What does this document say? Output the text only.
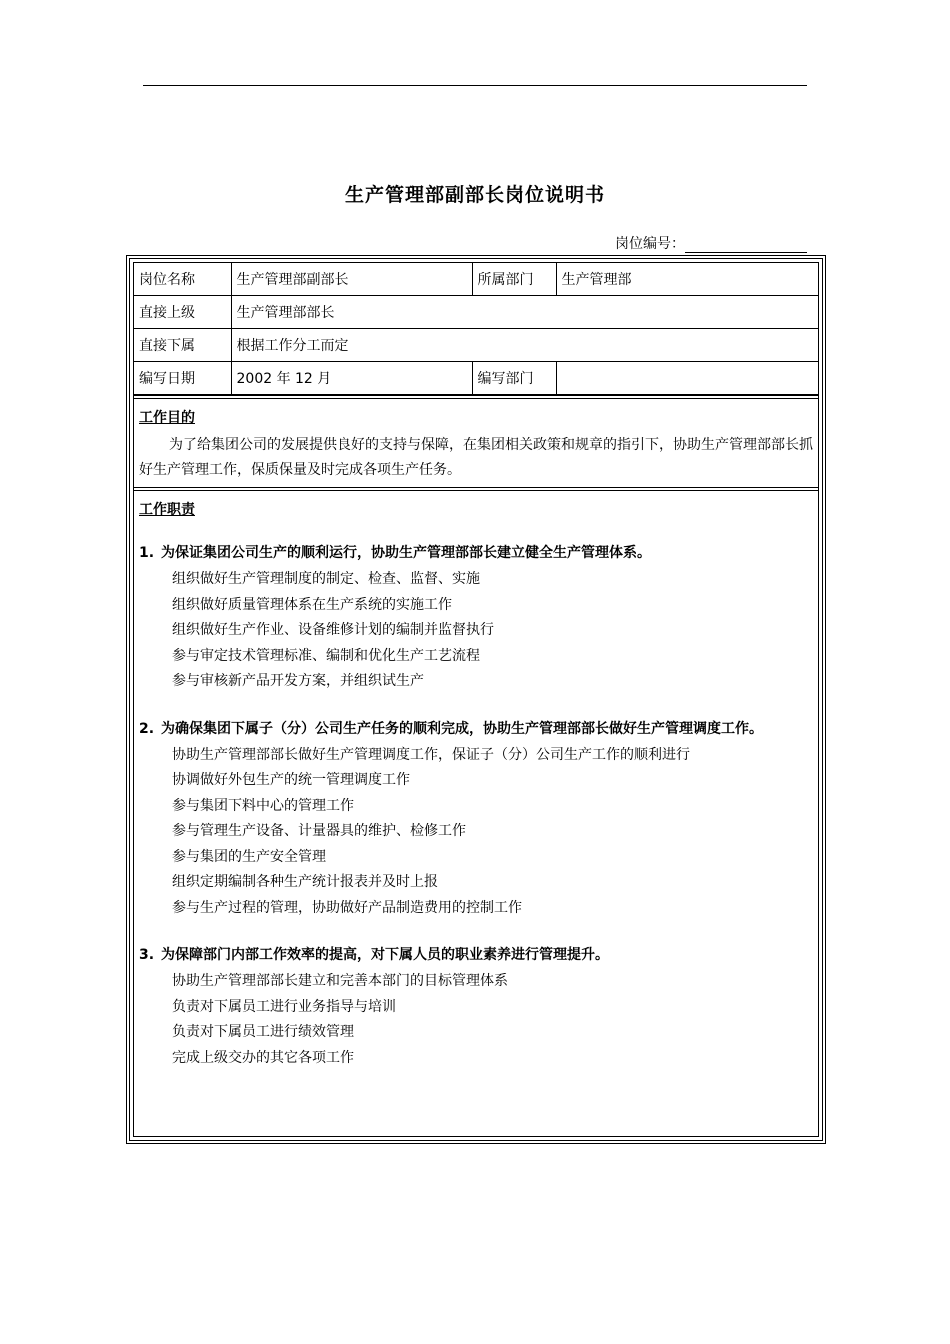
生产管理部副部长岗位说明书
岗位编号：
岗位名称	生产管理部副部长	所属部门	生产管理部
直接上级	生产管理部部长		
直接下属	根据工作分工而定		
编写日期	2002 年 12 月	编写部门	
工作目的

为了给集团公司的发展提供良好的支持与保障，在集团相关政策和规章的指引下，协助生产管理部部长抓好生产管理工作，保质保量及时完成各项生产任务。

工作职责
1. 为保证集团公司生产的顺利运行，协助生产管理部部长建立健全生产管理体系。
组织做好生产管理制度的制定、检查、监督、实施
组织做好质量管理体系在生产系统的实施工作
组织做好生产作业、设备维修计划的编制并监督执行
参与审定技术管理标准、编制和优化生产工艺流程
参与审核新产品开发方案，并组织试生产
2. 为确保集团下属子（分）公司生产任务的顺利完成，协助生产管理部部长做好生产管理调度工作。
协助生产管理部部长做好生产管理调度工作，保证子（分）公司生产工作的顺利进行
协调做好外包生产的统一管理调度工作
参与集团下料中心的管理工作
参与管理生产设备、计量器具的维护、检修工作
参与集团的生产安全管理
组织定期编制各种生产统计报表并及时上报
参与生产过程的管理，协助做好产品制造费用的控制工作
3. 为保障部门内部工作效率的提高，对下属人员的职业素养进行管理提升。
协助生产管理部部长建立和完善本部门的目标管理体系
负责对下属员工进行业务指导与培训
负责对下属员工进行绩效管理
完成上级交办的其它各项工作
